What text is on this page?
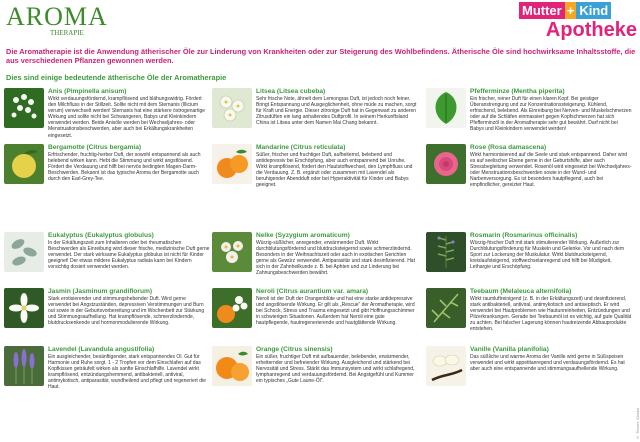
AROMA
THERAPIE
Mutter + Kind
Apotheke
Die Aromatherapie ist die Anwendung ätherischer Öle zur Linderung von Krankheiten oder zur Steigerung des Wohlbefindens. Ätherische Öle sind hochwirksame Inhaltsstoffe, die aus verschiedenen Pflanzen gewonnen werden.
Dies sind einige bedeutende ätherische Öle der Aromatherapie
Anis (Pimpinella anisum)
Wirkt verdauungsfördernd, krampflösend und blähungswidrig. Fördert den Milchfluss in der Stillzeit. Sollte nicht mit dem Sternanis (Illicium verum) verwechselt werden! Sternanis hat eine stärkere östrogenartige Wirkung und sollte nicht bei Schwangeren, Babys und Kleinkindern verwendet werden. Beide Anisöle werden bei Wechseljahres- oder Menstruationsbeschwerden, aber auch bei Erkältungskrankheiten eingesetzt.
Litsea (Litsea cubeba)
Sehr frische Note, ähnelt dem Lemongras Duft, ist jedoch noch feiner. Bringt Entspannung und Ausgeglichenheit, ohne müde zu machen, sorgt für Kraft und Energie. Dieser zitronige Duft hat in Gegenwart zu anderen Zitrusdüften ein lang anhaltendes Duftprofil. In seinem Herkunftsland China ist Litsea unter dem Namen Mai Chang bekannt.
Pfefferminze (Mentha piperita)
Ein frischer, reiner Duft für einen klaren Kopf. Bei geistiger Überanstrengung und zur Konzentrationssteigerung. Kühlend, erfrischend, belebend. Als Einreibung bei Nerven- und Muskelschmerzen oder auf die Schläfen einmassiert gegen Kopfschmerzen hat sich Pfefferminzöl in der Aromatherapie sehr gut bewährt. Darf nicht bei Babys und Kleinkindern verwendet werden!
Bergamotte (Citrus bergamia)
Erfrischender, fruchtig-herber Duft, der sowohl entspannend als auch belebend wirken kann. Hebt die Stimmung und wirkt angstlösend. Fördert die Verdauung und hilft bei nervös bedingten Magen-Darm-Beschwerden. Bekannt ist das typische Aroma der Bergamotte auch durch den Earl-Grey-Tee.
Mandarine (Citrus reticulata)
Süßer, frischer und fruchtiger Duft, aufheiternd, belebend und antidepressiv bei Erschöpfung, aber auch entspannend bei Unruhe. Wirkt krampflösend, fördert den Hautstoffwechsel, den Lymphfluss und die Verdauung. Z. B. ergänzt oder zusammen mit Lavendel als beruhigender Abendduft oder bei Hyperaktivität für Kinder und Babys geeignet.
Rose (Rosa damascena)
Wirkt harmonisierend auf die Seele und stark entspannend. Daher wird es auf seelischer Ebene gerne in der Geburtshilfe, aber auch Stressbegleitung verwendet. Rosenöl wird eingesetzt bei Wechseljahres- oder Menstruationsbeschwerden sowie in der Wund- und Narbenversorgung. Es ist besonders hautpflegend, auch bei empfindlicher, gereizter Haut.
Eukalyptus (Eukalyptus globulus)
In der Erkältungszeit zum Inhalieren oder bei rheumatischen Beschwerden als Einreibung wird dieser frische, medizinische Duft gerne verwendet. Der stark wirksame Eukalyptus globulus ist nicht für Kinder geeignet! Der etwas mildere Eukalyptus radiata kann bei Kindern vorsichtig dosiert verwendet werden.
Nelke (Syzygium aromaticum)
Würzig-süßlicher, anregender, erwärmender Duft. Wirkt durchblutungsfördernd und blutdrucksteigernd sowie schmerzlindernd. Besonders in der Weihnachtszeit oder auch in exotischen Gerichten gerne als Gewürz verwendet. Antiparasitär und stark desinfizierend. Hat sich in der Zahnheilkunde z. B. bei Aphten und zur Linderung bei Zahnungsbeschwerden bewährt.
Rosmarin (Rosmarinus officinalis)
Würzig-frischer Duft mit stark stimulierender Wirkung. Äußerlich zur Durchblutungsförderung für Muskeln und Gelenke. Vor und nach dem Sport zur Lockerung der Muskulatur. Wirkt blutdrucksteigernd, kreislaufsteigernd, stoffwechselanregend und hilft bei Müdigkeit, Lethargie und Erschöpfung.
Jasmin (Jasminum grandiflorum)
Stark erotisierender und stimmungshebender Duft. Wird gerne verwendet bei Angstzuständen, depressiven Verstimmungen und Burn out sowie in der Geburtsvorbereitung und im Wochenbett zur Stärkung und Stimmungsaufhellung. Hat krampflösende, schmerzlindernde, blutdrucksenkende und hormonmodulierende Wirkung.
Neroli (Citrus aurantium var. amara)
Neroli ist der Duft der Orangenblüte und hat eine starke antidepressive und angstlösende Wirkung. Er gilt als „Rescue“ der Aromatherapie, wird bei Schock, Stress und Trauma eingesetzt und gibt Hoffnungsschimmer in schwierigen Situationen. Außerdem hat Neroli eine gute hautpflegende, hautregenerierende und hautglättende Wirkung.
Teebaum (Melaleuca alternifolia)
Wirkt raumluftreinigend (z. B. in der Erkältungszeit) und desinfizierend, stark antibakteriell, antiviral, antimykotisch und antiseptisch. Er wird verwendet bei Hautproblemen wie Hautunreinheiten, Entzündungen und Pilzerkrankungen. Gerade bei Teebaumöl ist es wichtig, auf gute Qualität zu achten. Bei falscher Lagerung können hautreizende Abbauprodukte entstehen.
Lavendel (Lavandula angustifolia)
Ein ausgleichender, besänftigender, stark entspannendes Öl. Gut für Harmonie und Ruhe sorgt. 1 - 2 Tropfen vor dem Einschlafen auf das Kopfkissen geträufelt wirken als sanfte Einschlafhilfe. Lavendel wirkt krampflösend, entzündungshemmend, antibakteriell, antiviral, antimykotisch, antiparasitär, wundheilend und pflegt und regeneriert die Haut.
Orange (Citrus sinensis)
Ein süßer, fruchtiger Duft mit aufbauender, belebender, erwärmender, erheiternder und befreiender Wirkung. Ausgleichend und stärkend bei Nervosität und Stress. Stärkt das Immunsystem und wirkt schlafregend, lymphanregend und verdauungsfördernd. Bei Angstgefühl und Kummer ein typisches „Gute Laune-Öl“.
Vanille (Vanilla planifolia)
Das süßliche und warme Aroma der Vanille wird gerne in Süßspeisen verwendet und wirkt appetitanregend und verdauungsfördernd. Es hat aber auch eine entspannende und stimmungsaufhellende Wirkung.
© Teaser, Alaska
